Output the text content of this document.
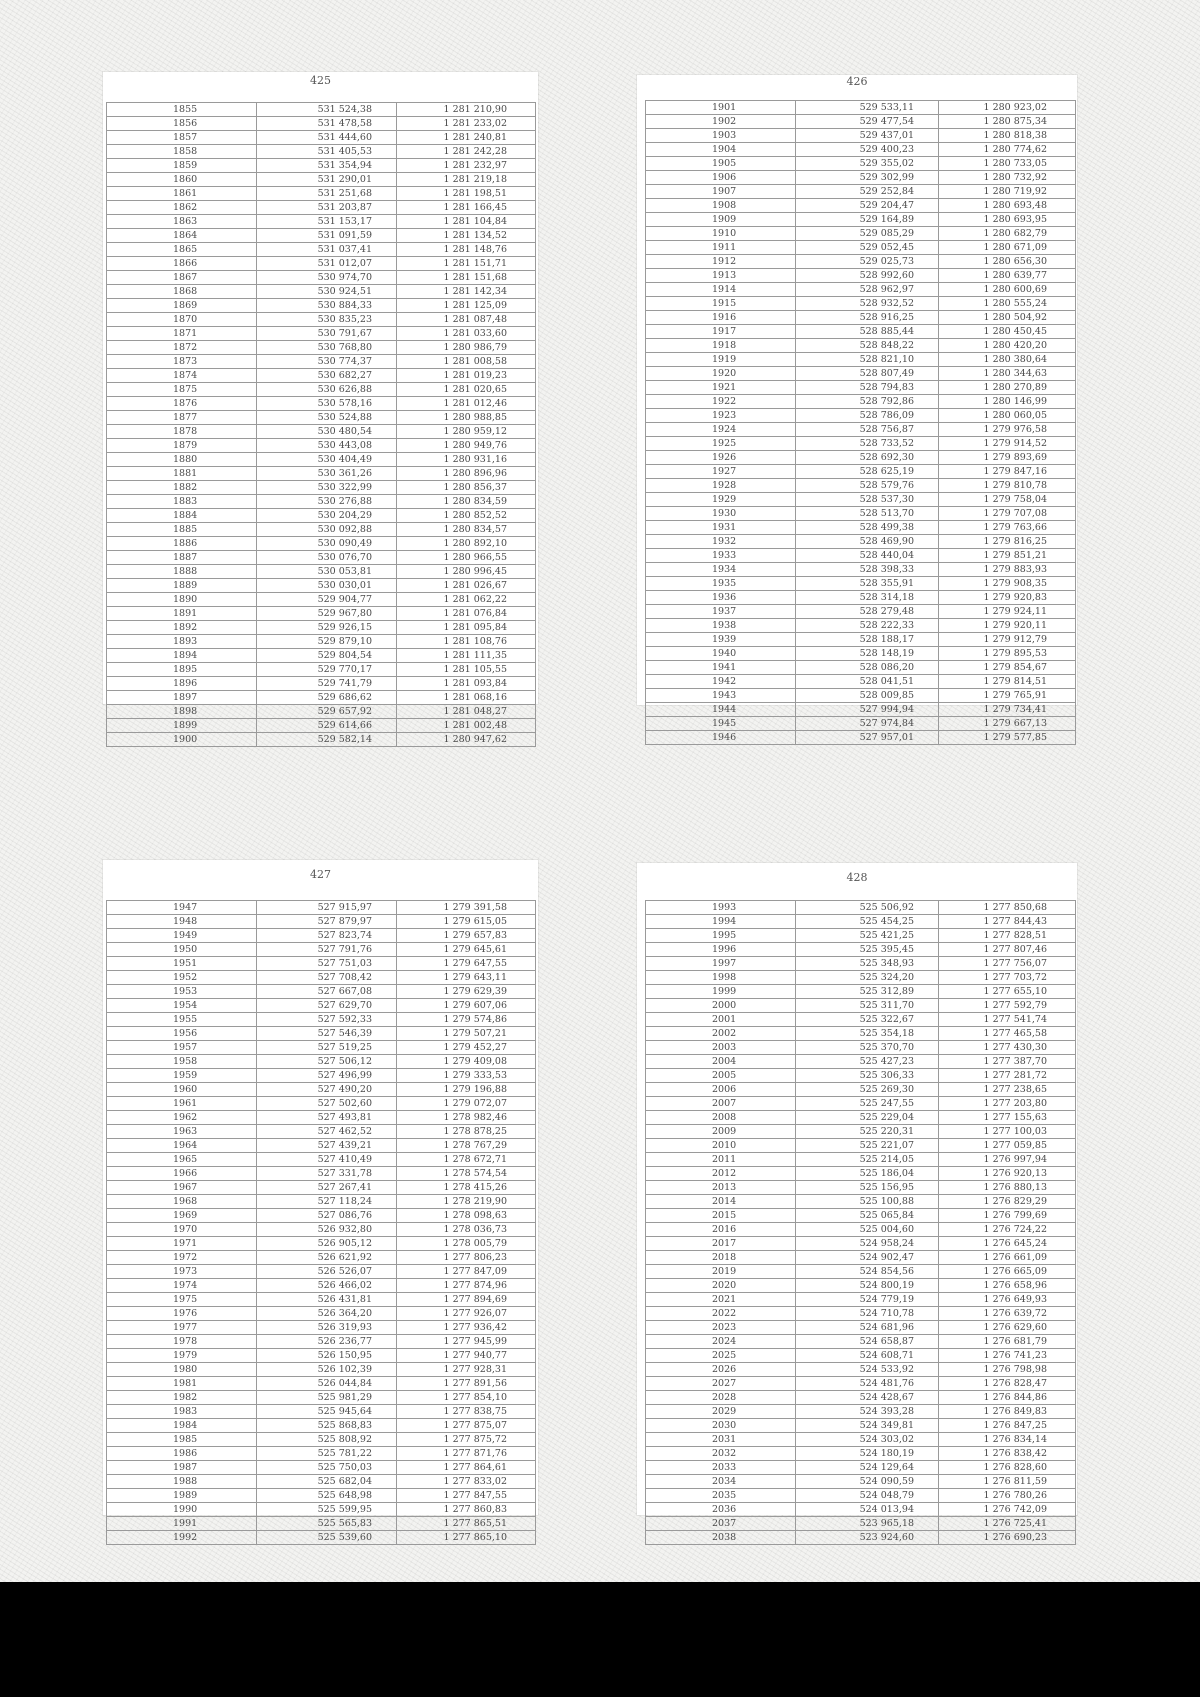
425
1855	531 524,38	1 281 210,90
1856	531 478,58	1 281 233,02
1857	531 444,60	1 281 240,81
1858	531 405,53	1 281 242,28
1859	531 354,94	1 281 232,97
1860	531 290,01	1 281 219,18
1861	531 251,68	1 281 198,51
1862	531 203,87	1 281 166,45
1863	531 153,17	1 281 104,84
1864	531 091,59	1 281 134,52
1865	531 037,41	1 281 148,76
1866	531 012,07	1 281 151,71
1867	530 974,70	1 281 151,68
1868	530 924,51	1 281 142,34
1869	530 884,33	1 281 125,09
1870	530 835,23	1 281 087,48
1871	530 791,67	1 281 033,60
1872	530 768,80	1 280 986,79
1873	530 774,37	1 281 008,58
1874	530 682,27	1 281 019,23
1875	530 626,88	1 281 020,65
1876	530 578,16	1 281 012,46
1877	530 524,88	1 280 988,85
1878	530 480,54	1 280 959,12
1879	530 443,08	1 280 949,76
1880	530 404,49	1 280 931,16
1881	530 361,26	1 280 896,96
1882	530 322,99	1 280 856,37
1883	530 276,88	1 280 834,59
1884	530 204,29	1 280 852,52
1885	530 092,88	1 280 834,57
1886	530 090,49	1 280 892,10
1887	530 076,70	1 280 966,55
1888	530 053,81	1 280 996,45
1889	530 030,01	1 281 026,67
1890	529 904,77	1 281 062,22
1891	529 967,80	1 281 076,84
1892	529 926,15	1 281 095,84
1893	529 879,10	1 281 108,76
1894	529 804,54	1 281 111,35
1895	529 770,17	1 281 105,55
1896	529 741,79	1 281 093,84
1897	529 686,62	1 281 068,16
1898	529 657,92	1 281 048,27
1899	529 614,66	1 281 002,48
1900	529 582,14	1 280 947,62
426
1901	529 533,11	1 280 923,02
1902	529 477,54	1 280 875,34
1903	529 437,01	1 280 818,38
1904	529 400,23	1 280 774,62
1905	529 355,02	1 280 733,05
1906	529 302,99	1 280 732,92
1907	529 252,84	1 280 719,92
1908	529 204,47	1 280 693,48
1909	529 164,89	1 280 693,95
1910	529 085,29	1 280 682,79
1911	529 052,45	1 280 671,09
1912	529 025,73	1 280 656,30
1913	528 992,60	1 280 639,77
1914	528 962,97	1 280 600,69
1915	528 932,52	1 280 555,24
1916	528 916,25	1 280 504,92
1917	528 885,44	1 280 450,45
1918	528 848,22	1 280 420,20
1919	528 821,10	1 280 380,64
1920	528 807,49	1 280 344,63
1921	528 794,83	1 280 270,89
1922	528 792,86	1 280 146,99
1923	528 786,09	1 280 060,05
1924	528 756,87	1 279 976,58
1925	528 733,52	1 279 914,52
1926	528 692,30	1 279 893,69
1927	528 625,19	1 279 847,16
1928	528 579,76	1 279 810,78
1929	528 537,30	1 279 758,04
1930	528 513,70	1 279 707,08
1931	528 499,38	1 279 763,66
1932	528 469,90	1 279 816,25
1933	528 440,04	1 279 851,21
1934	528 398,33	1 279 883,93
1935	528 355,91	1 279 908,35
1936	528 314,18	1 279 920,83
1937	528 279,48	1 279 924,11
1938	528 222,33	1 279 920,11
1939	528 188,17	1 279 912,79
1940	528 148,19	1 279 895,53
1941	528 086,20	1 279 854,67
1942	528 041,51	1 279 814,51
1943	528 009,85	1 279 765,91
1944	527 994,94	1 279 734,41
1945	527 974,84	1 279 667,13
1946	527 957,01	1 279 577,85
427
1947	527 915,97	1 279 391,58
1948	527 879,97	1 279 615,05
1949	527 823,74	1 279 657,83
1950	527 791,76	1 279 645,61
1951	527 751,03	1 279 647,55
1952	527 708,42	1 279 643,11
1953	527 667,08	1 279 629,39
1954	527 629,70	1 279 607,06
1955	527 592,33	1 279 574,86
1956	527 546,39	1 279 507,21
1957	527 519,25	1 279 452,27
1958	527 506,12	1 279 409,08
1959	527 496,99	1 279 333,53
1960	527 490,20	1 279 196,88
1961	527 502,60	1 279 072,07
1962	527 493,81	1 278 982,46
1963	527 462,52	1 278 878,25
1964	527 439,21	1 278 767,29
1965	527 410,49	1 278 672,71
1966	527 331,78	1 278 574,54
1967	527 267,41	1 278 415,26
1968	527 118,24	1 278 219,90
1969	527 086,76	1 278 098,63
1970	526 932,80	1 278 036,73
1971	526 905,12	1 278 005,79
1972	526 621,92	1 277 806,23
1973	526 526,07	1 277 847,09
1974	526 466,02	1 277 874,96
1975	526 431,81	1 277 894,69
1976	526 364,20	1 277 926,07
1977	526 319,93	1 277 936,42
1978	526 236,77	1 277 945,99
1979	526 150,95	1 277 940,77
1980	526 102,39	1 277 928,31
1981	526 044,84	1 277 891,56
1982	525 981,29	1 277 854,10
1983	525 945,64	1 277 838,75
1984	525 868,83	1 277 875,07
1985	525 808,92	1 277 875,72
1986	525 781,22	1 277 871,76
1987	525 750,03	1 277 864,61
1988	525 682,04	1 277 833,02
1989	525 648,98	1 277 847,55
1990	525 599,95	1 277 860,83
1991	525 565,83	1 277 865,51
1992	525 539,60	1 277 865,10
428
1993	525 506,92	1 277 850,68
1994	525 454,25	1 277 844,43
1995	525 421,25	1 277 828,51
1996	525 395,45	1 277 807,46
1997	525 348,93	1 277 756,07
1998	525 324,20	1 277 703,72
1999	525 312,89	1 277 655,10
2000	525 311,70	1 277 592,79
2001	525 322,67	1 277 541,74
2002	525 354,18	1 277 465,58
2003	525 370,70	1 277 430,30
2004	525 427,23	1 277 387,70
2005	525 306,33	1 277 281,72
2006	525 269,30	1 277 238,65
2007	525 247,55	1 277 203,80
2008	525 229,04	1 277 155,63
2009	525 220,31	1 277 100,03
2010	525 221,07	1 277 059,85
2011	525 214,05	1 276 997,94
2012	525 186,04	1 276 920,13
2013	525 156,95	1 276 880,13
2014	525 100,88	1 276 829,29
2015	525 065,84	1 276 799,69
2016	525 004,60	1 276 724,22
2017	524 958,24	1 276 645,24
2018	524 902,47	1 276 661,09
2019	524 854,56	1 276 665,09
2020	524 800,19	1 276 658,96
2021	524 779,19	1 276 649,93
2022	524 710,78	1 276 639,72
2023	524 681,96	1 276 629,60
2024	524 658,87	1 276 681,79
2025	524 608,71	1 276 741,23
2026	524 533,92	1 276 798,98
2027	524 481,76	1 276 828,47
2028	524 428,67	1 276 844,86
2029	524 393,28	1 276 849,83
2030	524 349,81	1 276 847,25
2031	524 303,02	1 276 834,14
2032	524 180,19	1 276 838,42
2033	524 129,64	1 276 828,60
2034	524 090,59	1 276 811,59
2035	524 048,79	1 276 780,26
2036	524 013,94	1 276 742,09
2037	523 965,18	1 276 725,41
2038	523 924,60	1 276 690,23
